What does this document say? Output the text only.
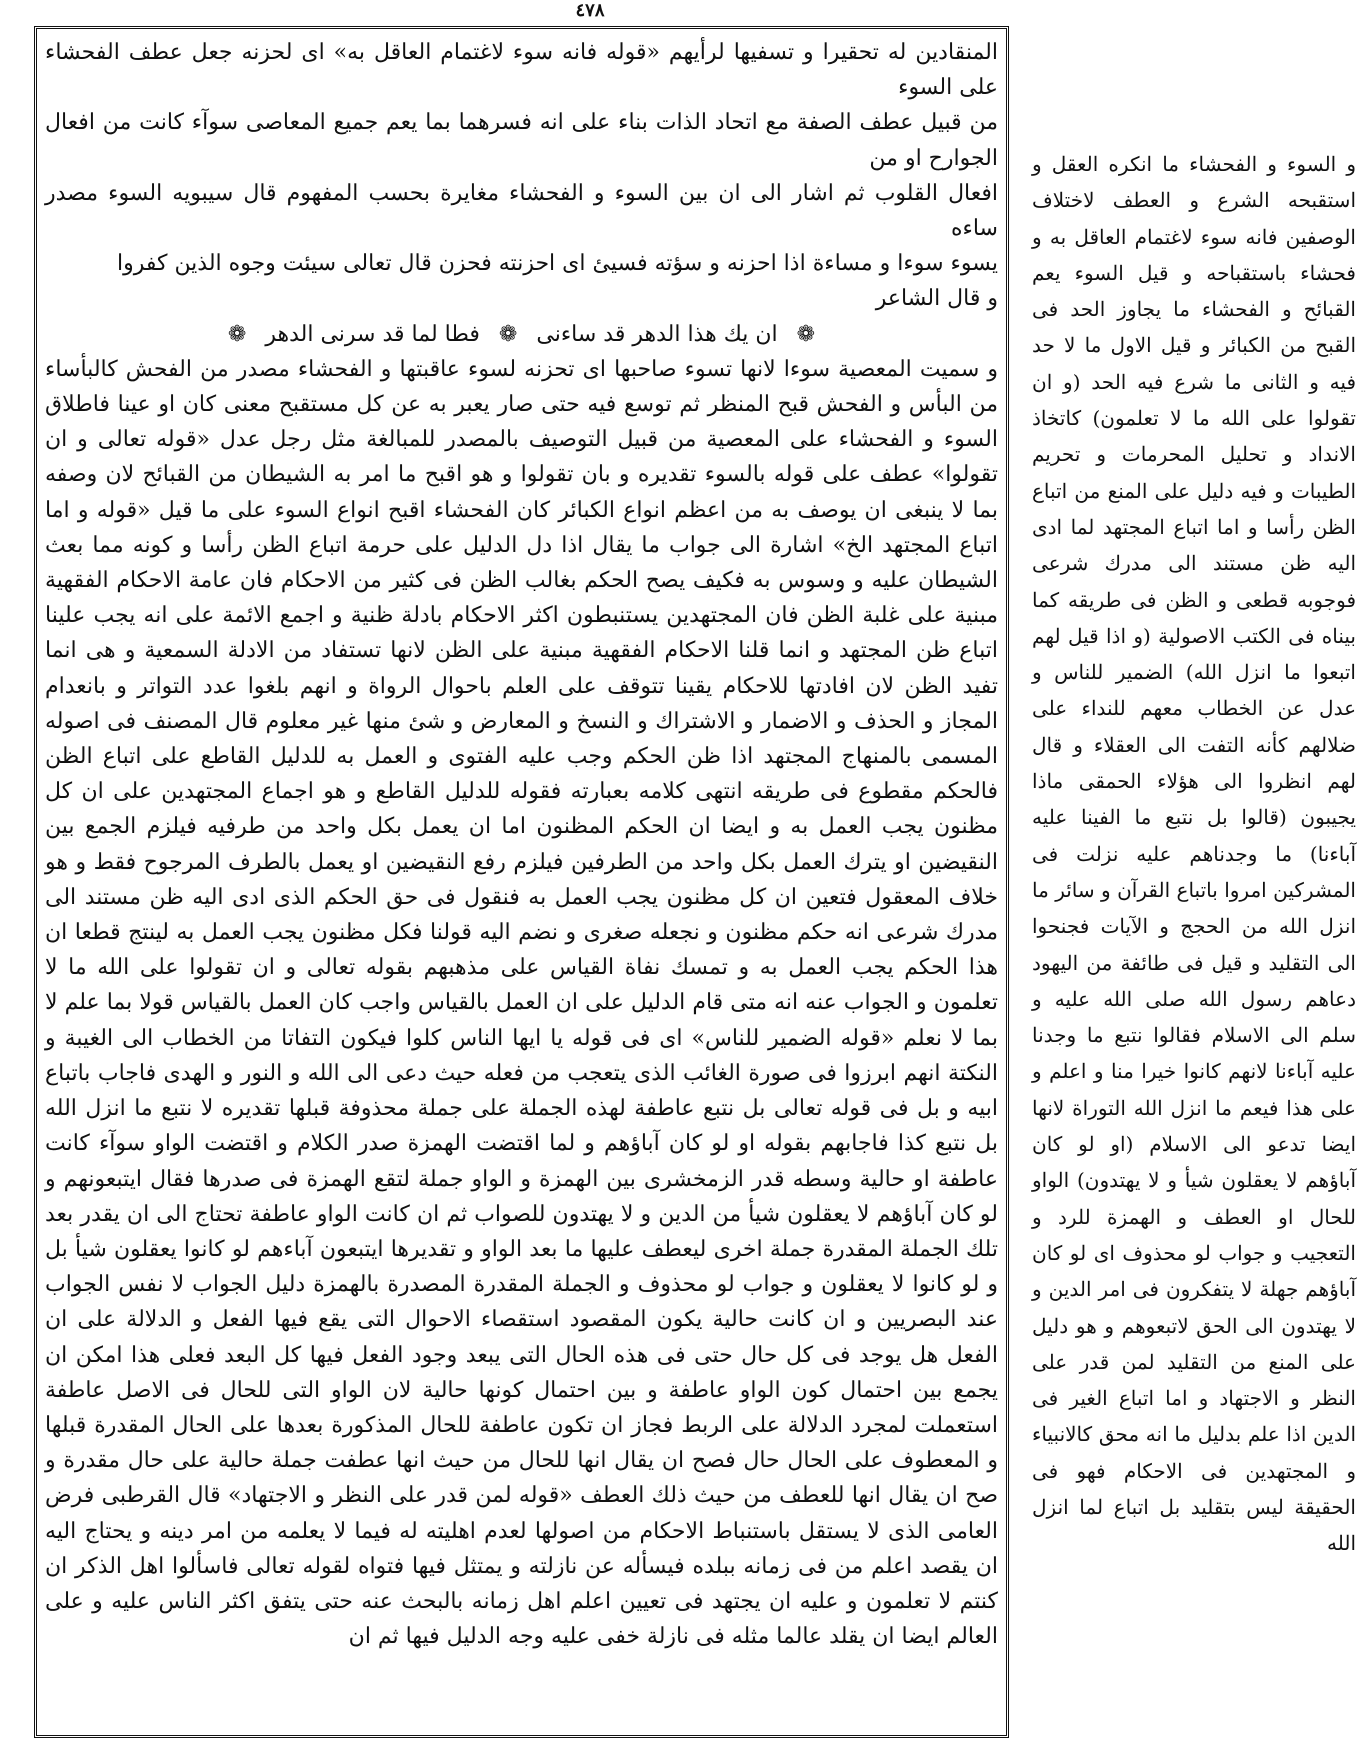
٤٧٨

المنقادين له تحقيرا و تسفيها لرأيهم «قوله فانه سوء لاغتمام العاقل به» اى لحزنه جعل عطف الفحشاء على السوء

من قبيل عطف الصفة مع اتحاد الذات بناء على انه فسرهما بما يعم جميع المعاصى سوآء كانت من افعال الجوارح او من

افعال القلوب ثم اشار الى ان بين السوء و الفحشاء مغايرة بحسب المفهوم قال سيبويه السوء مصدر ساءه

يسوء سوءا و مساءة اذا احزنه و سؤته فسيئ اى احزنته فحزن قال تعالى سيئت وجوه الذين كفروا

و قال الشاعر

❁ ان يك هذا الدهر قد ساءنى ❁ فطا لما قد سرنى الدهر ❁

و سميت المعصية سوءا لانها تسوء صاحبها اى تحزنه لسوء عاقبتها و الفحشاء مصدر من الفحش كالبأساء من البأس و الفحش قبح المنظر ثم توسع فيه حتى صار يعبر به عن كل مستقبح معنى كان او عينا فاطلاق السوء و الفحشاء على المعصية من قبيل التوصيف بالمصدر للمبالغة مثل رجل عدل «قوله تعالى و ان تقولوا» عطف على قوله بالسوء تقديره و بان تقولوا و هو اقبح ما امر به الشيطان من القبائح لان وصفه بما لا ينبغى ان يوصف به من اعظم انواع الكبائر كان الفحشاء اقبح انواع السوء على ما قيل «قوله و اما اتباع المجتهد الخ» اشارة الى جواب ما يقال اذا دل الدليل على حرمة اتباع الظن رأسا و كونه مما بعث الشيطان عليه و وسوس به فكيف يصح الحكم بغالب الظن فى كثير من الاحكام فان عامة الاحكام الفقهية مبنية على غلبة الظن فان المجتهدين يستنبطون اكثر الاحكام بادلة ظنية و اجمع الائمة على انه يجب علينا اتباع ظن المجتهد و انما قلنا الاحكام الفقهية مبنية على الظن لانها تستفاد من الادلة السمعية و هى انما تفيد الظن لان افادتها للاحكام يقينا تتوقف على العلم باحوال الرواة و انهم بلغوا عدد التواتر و بانعدام المجاز و الحذف و الاضمار و الاشتراك و النسخ و المعارض و شئ منها غير معلوم قال المصنف فى اصوله المسمى بالمنهاج المجتهد اذا ظن الحكم وجب عليه الفتوى و العمل به للدليل القاطع على اتباع الظن فالحكم مقطوع فى طريقه انتهى كلامه بعبارته فقوله للدليل القاطع و هو اجماع المجتهدين على ان كل مظنون يجب العمل به و ايضا ان الحكم المظنون اما ان يعمل بكل واحد من طرفيه فيلزم الجمع بين النقيضين او يترك العمل بكل واحد من الطرفين فيلزم رفع النقيضين او يعمل بالطرف المرجوح فقط و هو خلاف المعقول فتعين ان كل مظنون يجب العمل به فنقول فى حق الحكم الذى ادى اليه ظن مستند الى مدرك شرعى انه حكم مظنون و نجعله صغرى و نضم اليه قولنا فكل مظنون يجب العمل به لينتج قطعا ان هذا الحكم يجب العمل به و تمسك نفاة القياس على مذهبهم بقوله تعالى و ان تقولوا على الله ما لا تعلمون و الجواب عنه انه متى قام الدليل على ان العمل بالقياس واجب كان العمل بالقياس قولا بما علم لا بما لا نعلم «قوله الضمير للناس» اى فى قوله يا ايها الناس كلوا فيكون التفاتا من الخطاب الى الغيبة و النكتة انهم ابرزوا فى صورة الغائب الذى يتعجب من فعله حيث دعى الى الله و النور و الهدى فاجاب باتباع ابيه و بل فى قوله تعالى بل نتبع عاطفة لهذه الجملة على جملة محذوفة قبلها تقديره لا نتبع ما انزل الله بل نتبع كذا فاجابهم بقوله او لو كان آباؤهم و لما اقتضت الهمزة صدر الكلام و اقتضت الواو سوآء كانت عاطفة او حالية وسطه قدر الزمخشرى بين الهمزة و الواو جملة لتقع الهمزة فى صدرها فقال ايتبعونهم و لو كان آباؤهم لا يعقلون شيأ من الدين و لا يهتدون للصواب ثم ان كانت الواو عاطفة تحتاج الى ان يقدر بعد تلك الجملة المقدرة جملة اخرى ليعطف عليها ما بعد الواو و تقديرها ايتبعون آباءهم لو كانوا يعقلون شيأ بل و لو كانوا لا يعقلون و جواب لو محذوف و الجملة المقدرة المصدرة بالهمزة دليل الجواب لا نفس الجواب عند البصريين و ان كانت حالية يكون المقصود استقصاء الاحوال التى يقع فيها الفعل و الدلالة على ان الفعل هل يوجد فى كل حال حتى فى هذه الحال التى يبعد وجود الفعل فيها كل البعد فعلى هذا امكن ان يجمع بين احتمال كون الواو عاطفة و بين احتمال كونها حالية لان الواو التى للحال فى الاصل عاطفة استعملت لمجرد الدلالة على الربط فجاز ان تكون عاطفة للحال المذكورة بعدها على الحال المقدرة قبلها و المعطوف على الحال حال فصح ان يقال انها للحال من حيث انها عطفت جملة حالية على حال مقدرة و صح ان يقال انها للعطف من حيث ذلك العطف «قوله لمن قدر على النظر و الاجتهاد» قال القرطبى فرض العامى الذى لا يستقل باستنباط الاحكام من اصولها لعدم اهليته له فيما لا يعلمه من امر دينه و يحتاج اليه ان يقصد اعلم من فى زمانه ببلده فيسأله عن نازلته و يمتثل فيها فتواه لقوله تعالى فاسألوا اهل الذكر ان كنتم لا تعلمون و عليه ان يجتهد فى تعيين اعلم اهل زمانه بالبحث عنه حتى يتفق اكثر الناس عليه و على العالم ايضا ان يقلد عالما مثله فى نازلة خفى عليه وجه الدليل فيها ثم ان

و السوء و الفحشاء ما انكره العقل و استقبحه الشرع و العطف لاختلاف الوصفين فانه سوء لاغتمام العاقل به و فحشاء باستقباحه و قيل السوء يعم القبائح و الفحشاء ما يجاوز الحد فى القبح من الكبائر و قيل الاول ما لا حد فيه و الثانى ما شرع فيه الحد (و ان تقولوا على الله ما لا تعلمون) كاتخاذ الانداد و تحليل المحرمات و تحريم الطيبات و فيه دليل على المنع من اتباع الظن رأسا و اما اتباع المجتهد لما ادى اليه ظن مستند الى مدرك شرعى فوجوبه قطعى و الظن فى طريقه كما بيناه فى الكتب الاصولية (و اذا قيل لهم اتبعوا ما انزل الله) الضمير للناس و عدل عن الخطاب معهم للنداء على ضلالهم كأنه التفت الى العقلاء و قال لهم انظروا الى هؤلاء الحمقى ماذا يجيبون (قالوا بل نتبع ما الفينا عليه آباءنا) ما وجدناهم عليه نزلت فى المشركين امروا باتباع القرآن و سائر ما انزل الله من الحجج و الآيات فجنحوا الى التقليد و قيل فى طائفة من اليهود دعاهم رسول الله صلى الله عليه و سلم الى الاسلام فقالوا نتبع ما وجدنا عليه آباءنا لانهم كانوا خيرا منا و اعلم و على هذا فيعم ما انزل الله التوراة لانها ايضا تدعو الى الاسلام (او لو كان آباؤهم لا يعقلون شيأ و لا يهتدون) الواو للحال او العطف و الهمزة للرد و التعجيب و جواب لو محذوف اى لو كان آباؤهم جهلة لا يتفكرون فى امر الدين و لا يهتدون الى الحق لاتبعوهم و هو دليل على المنع من التقليد لمن قدر على النظر و الاجتهاد و اما اتباع الغير فى الدين اذا علم بدليل ما انه محق كالانبياء و المجتهدين فى الاحكام فهو فى الحقيقة ليس بتقليد بل اتباع لما انزل الله
